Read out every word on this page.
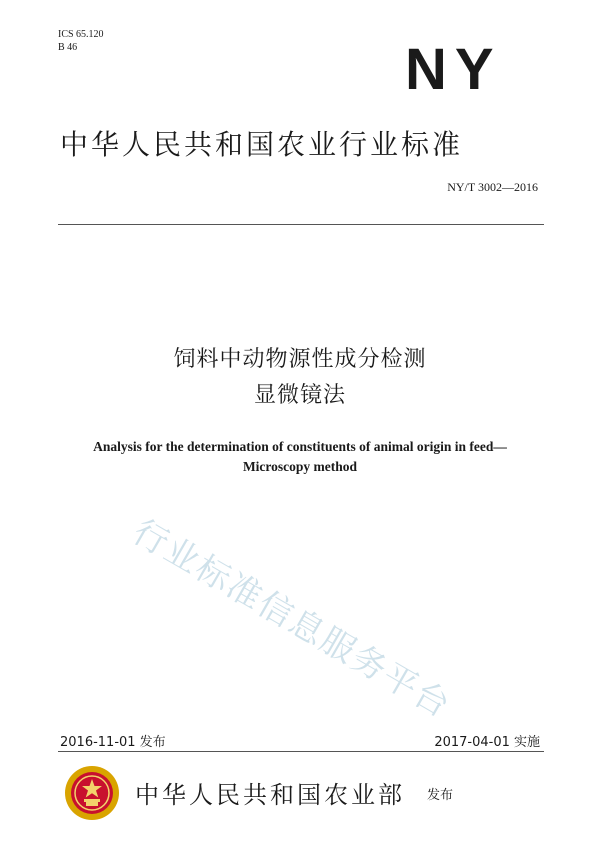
ICS 65.120
B 46	NY
中华人民共和国农业行业标准
NY/T 3002—2016
饲料中动物源性成分检测
显微镜法
Analysis for the determination of constituents of animal origin in feed—
Microscopy method
行业标准信息服务平台
2016-11-01 发布	2017-04-01 实施
中华人民共和国农业部 发布
